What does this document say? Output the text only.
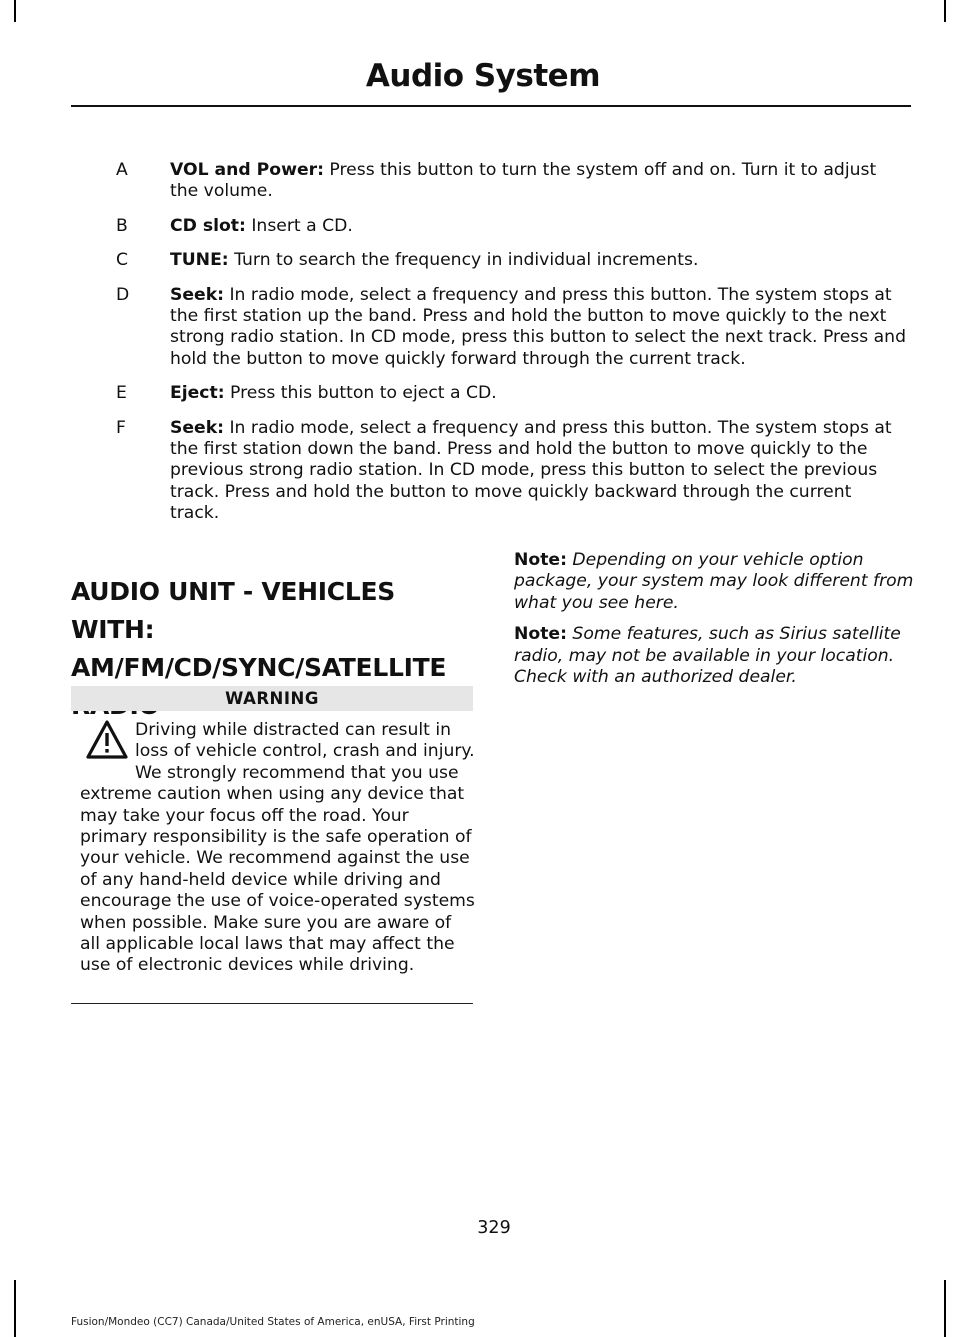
Audio System
A	VOL and Power: Press this button to turn the system off and on. Turn it to adjust the volume.
B	CD slot: Insert a CD.
C	TUNE: Turn to search the frequency in individual increments.
D	Seek: In radio mode, select a frequency and press this button. The system stops at the first station up the band. Press and hold the button to move quickly to the next strong radio station. In CD mode, press this button to select the next track. Press and hold the button to move quickly forward through the current track.
E	Eject: Press this button to eject a CD.
F	Seek: In radio mode, select a frequency and press this button. The system stops at the first station down the band. Press and hold the button to move quickly to the previous strong radio station. In CD mode, press this button to select the previous track. Press and hold the button to move quickly backward through the current track.
AUDIO UNIT - VEHICLES WITH:
AM/FM/CD/SYNC/SATELLITE
WARNING
Driving while distracted can result in loss of vehicle control, crash and injury. We strongly recommend that you use extreme caution when using any device that may take your focus off the road. Your primary responsibility is the safe operation of your vehicle. We recommend against the use of any hand-held device while driving and encourage the use of voice-operated systems when possible. Make sure you are aware of all applicable local laws that may affect the use of electronic devices while driving.
Note: Depending on your vehicle option package, your system may look different from what you see here.
Note: Some features, such as Sirius satellite radio, may not be available in your location. Check with an authorized dealer.
329
Fusion/Mondeo (CC7) Canada/United States of America, enUSA, First Printing
